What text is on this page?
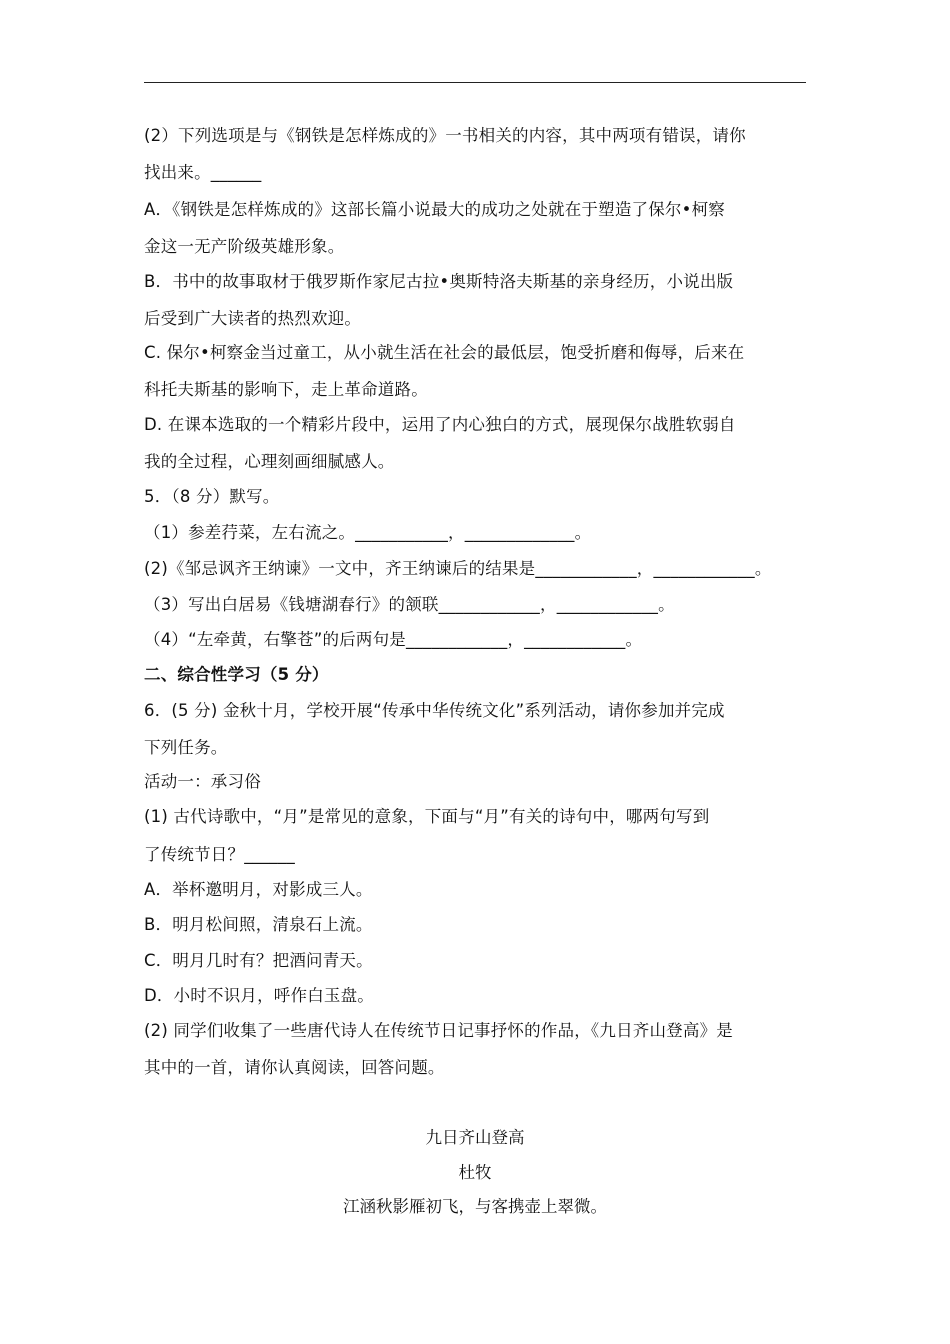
(2）下列选项是与《钢铁是怎样炼成的》一书相关的内容，其中两项有错误，请你
找出来。______
A．《钢铁是怎样炼成的》这部长篇小说最大的成功之处就在于塑造了保尔•柯察
金这一无产阶级英雄形象。
B．书中的故事取材于俄罗斯作家尼古拉•奥斯特洛夫斯基的亲身经历，小说出版
后受到广大读者的热烈欢迎。
C. 保尔•柯察金当过童工，从小就生活在社会的最低层，饱受折磨和侮辱，后来在
科托夫斯基的影响下，走上革命道路。
D. 在课本选取的一个精彩片段中，运用了内心独白的方式，展现保尔战胜软弱自
我的全过程，心理刻画细腻感人。
5．（8 分）默写。
（1）参差荇菜，左右流之。___________，_____________。
(2)《邹忌讽齐王纳谏》一文中，齐王纳谏后的结果是____________，____________。
（3）写出白居易《钱塘湖春行》的颔联____________，____________。
（4）“左牵黄，右擎苍”的后两句是____________，____________。
二、综合性学习（5 分）
6．(5 分) 金秋十月，学校开展“传承中华传统文化”系列活动，请你参加并完成
下列任务。
活动一：承习俗
(1) 古代诗歌中，“月”是常见的意象，下面与“月”有关的诗句中，哪两句写到
了传统节日？______
A．举杯邀明月，对影成三人。
B．明月松间照，清泉石上流。
C．明月几时有？把酒问青天。
D．小时不识月，呼作白玉盘。
(2) 同学们收集了一些唐代诗人在传统节日记事抒怀的作品，《九日齐山登高》是
其中的一首，请你认真阅读，回答问题。
九日齐山登高
杜牧
江涵秋影雁初飞，与客携壶上翠微。
